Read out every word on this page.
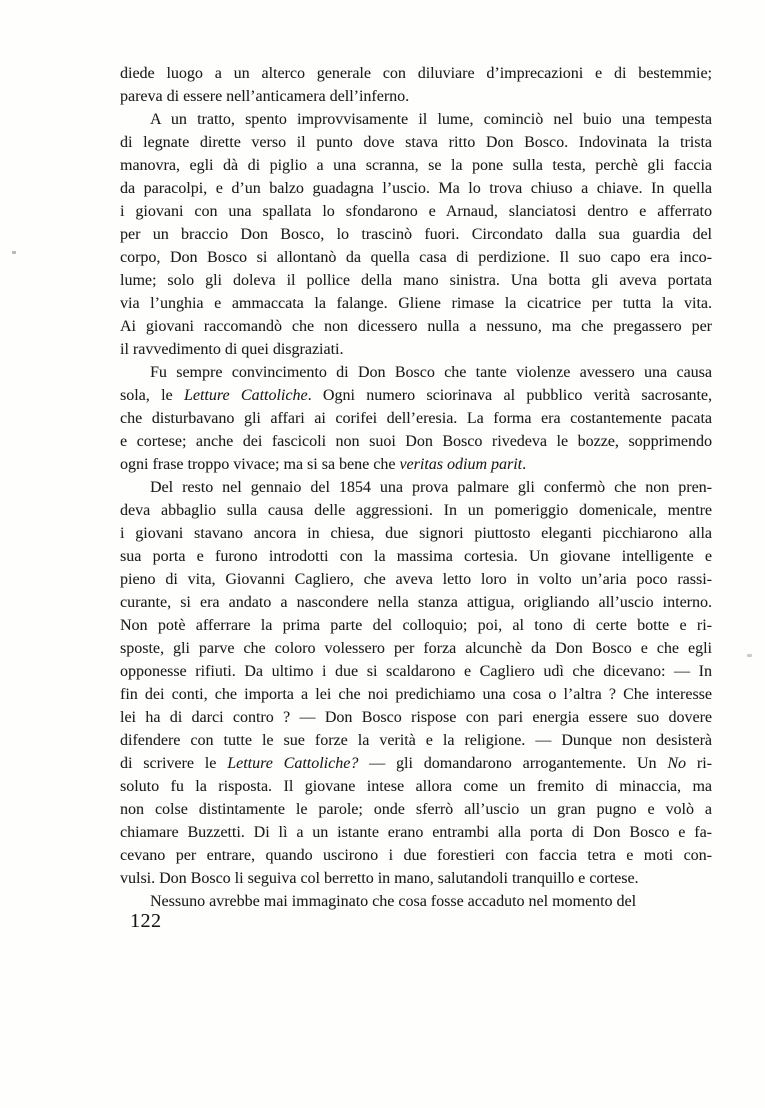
diede luogo a un alterco generale con diluviare d’imprecazioni e di bestemmie;
pareva di essere nell’anticamera dell’inferno.
A un tratto, spento improvvisamente il lume, cominciò nel buio una tempesta
di legnate dirette verso il punto dove stava ritto Don Bosco. Indovinata la trista
manovra, egli dà di piglio a una scranna, se la pone sulla testa, perchè gli faccia
da paracolpi, e d’un balzo guadagna l’uscio. Ma lo trova chiuso a chiave. In quella
i giovani con una spallata lo sfondarono e Arnaud, slanciatosi dentro e afferrato
per un braccio Don Bosco, lo trascinò fuori. Circondato dalla sua guardia del
corpo, Don Bosco si allontanò da quella casa di perdizione. Il suo capo era inco-
lume; solo gli doleva il pollice della mano sinistra. Una botta gli aveva portata
via l’unghia e ammaccata la falange. Gliene rimase la cicatrice per tutta la vita.
Ai giovani raccomandò che non dicessero nulla a nessuno, ma che pregassero per
il ravvedimento di quei disgraziati.
Fu sempre convincimento di Don Bosco che tante violenze avessero una causa
sola, le Letture Cattoliche. Ogni numero sciorinava al pubblico verità sacrosante,
che disturbavano gli affari ai corifei dell’eresia. La forma era costantemente pacata
e cortese; anche dei fascicoli non suoi Don Bosco rivedeva le bozze, sopprimendo
ogni frase troppo vivace; ma si sa bene che veritas odium parit.
Del resto nel gennaio del 1854 una prova palmare gli confermò che non pren-
deva abbaglio sulla causa delle aggressioni. In un pomeriggio domenicale, mentre
i giovani stavano ancora in chiesa, due signori piuttosto eleganti picchiarono alla
sua porta e furono introdotti con la massima cortesia. Un giovane intelligente e
pieno di vita, Giovanni Cagliero, che aveva letto loro in volto un’aria poco rassi-
curante, si era andato a nascondere nella stanza attigua, origliando all’uscio interno.
Non potè afferrare la prima parte del colloquio; poi, al tono di certe botte e ri-
sposte, gli parve che coloro volessero per forza alcunchè da Don Bosco e che egli
opponesse rifiuti. Da ultimo i due si scaldarono e Cagliero udì che dicevano: — In
fin dei conti, che importa a lei che noi predichiamo una cosa o l’altra ? Che interesse
lei ha di darci contro ? — Don Bosco rispose con pari energia essere suo dovere
difendere con tutte le sue forze la verità e la religione. — Dunque non desisterà
di scrivere le Letture Cattoliche? — gli domandarono arrogantemente. Un No ri-
soluto fu la risposta. Il giovane intese allora come un fremito di minaccia, ma
non colse distintamente le parole; onde sferrò all’uscio un gran pugno e volò a
chiamare Buzzetti. Di lì a un istante erano entrambi alla porta di Don Bosco e fa-
cevano per entrare, quando uscirono i due forestieri con faccia tetra e moti con-
vulsi. Don Bosco li seguiva col berretto in mano, salutandoli tranquillo e cortese.
Nessuno avrebbe mai immaginato che cosa fosse accaduto nel momento del
122
